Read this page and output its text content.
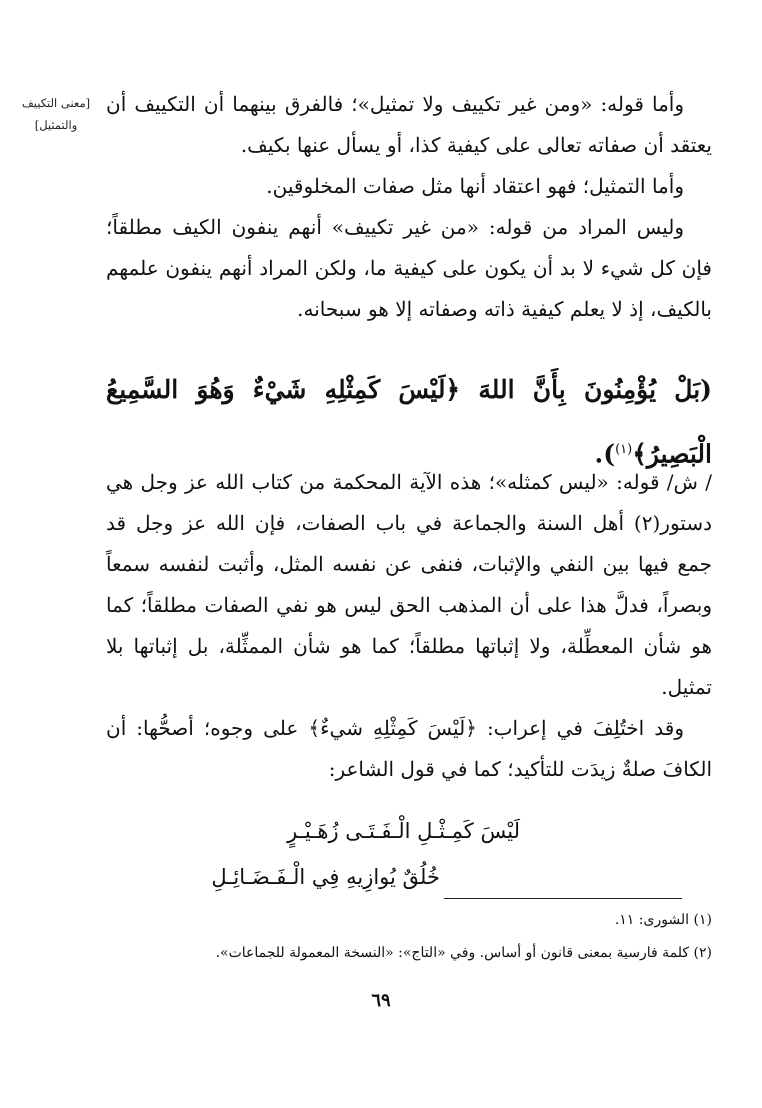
[معنى التكييف والتمثيل]

وأما قوله: «ومن غير تكييف ولا تمثيل»؛ فالفرق بينهما أن التكييف أن يعتقد أن صفاته تعالى على كيفية كذا، أو يسأل عنها بكيف.

وأما التمثيل؛ فهو اعتقاد أنها مثل صفات المخلوقين.

وليس المراد من قوله: «من غير تكييف» أنهم ينفون الكيف مطلقاً؛ فإن كل شيء لا بد أن يكون على كيفية ما، ولكن المراد أنهم ينفون علمهم بالكيف، إذ لا يعلم كيفية ذاته وصفاته إلا هو سبحانه.

(بَلْ يُؤْمِنُونَ بِأَنَّ اللهَ ﴿لَيْسَ كَمِثْلِهِ شَيْءٌ وَهُوَ السَّمِيعُ
الْبَصِيرُ﴾$^{(١)}$).

/ ش/ قوله: «ليس كمثله»؛ هذه الآية المحكمة من كتاب الله عز وجل هي دستور(٢) أهل السنة والجماعة في باب الصفات، فإن الله عز وجل قد جمع فيها بين النفي والإثبات، فنفى عن نفسه المثل، وأثبت لنفسه سمعاً وبصراً، فدلَّ هذا على أن المذهب الحق ليس هو نفي الصفات مطلقاً؛ كما هو شأن المعطِّلة، ولا إثباتها مطلقاً؛ كما هو شأن الممثِّلة، بل إثباتها بلا تمثيل.

وقد اختُلِفَ في إعراب: ﴿لَيْسَ كَمِثْلِهِ شيءٌ﴾ على وجوه؛ أصحُّها: أن الكافَ صلةٌ زيدَت للتأكيد؛ كما في قول الشاعر:

لَيْسَ كَمِـثْـلِ الْـفَـتَـى زُهَـيْـرٍ
خُلُقٌ يُوازِيهِ فِي الْـفَـضَـائِـلِ

(١) الشورى: ١١.

(٢) كلمة فارسية بمعنى قانون أو أساس. وفي «التاج»: «النسخة المعمولة للجماعات».

٦٩
